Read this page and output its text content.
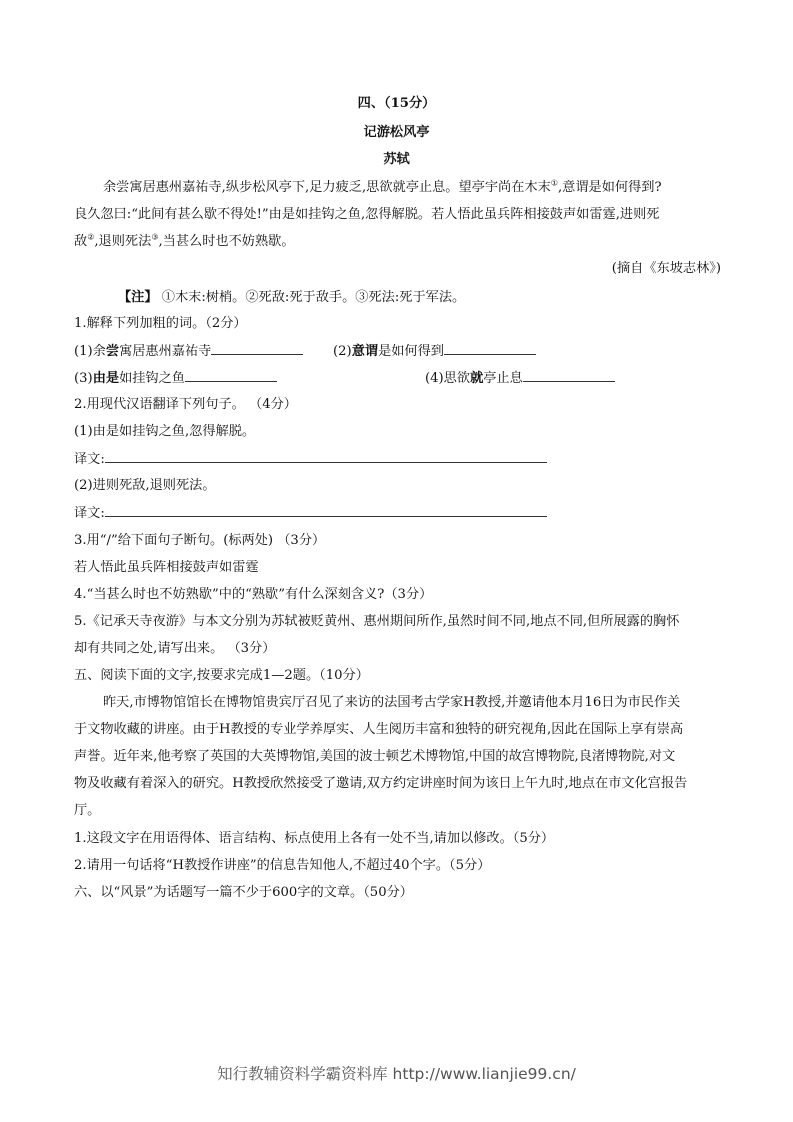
四、（15分）
记游松风亭
苏轼
余尝寓居惠州嘉祐寺,纵步松风亭下,足力疲乏,思欲就亭止息。望亭宇尚在木末①,意谓是如何得到?
良久忽曰:“此间有甚么歇不得处!”由是如挂钩之鱼,忽得解脱。若人悟此虽兵阵相接鼓声如雷霆,进则死
敌②,退则死法③,当甚么时也不妨熟歇。
(摘自《东坡志林》)
【注】 ①木末:树梢。②死敌:死于敌手。③死法:死于军法。
1.解释下列加粗的词。（2分）
(1)余尝寓居惠州嘉祐寺	(2)意谓是如何得到
(3)由是如挂钩之鱼	(4)思欲就亭止息
2.用现代汉语翻译下列句子。 （4分）
(1)由是如挂钩之鱼,忽得解脱。
译文:
(2)进则死敌,退则死法。
译文:
3.用“/”给下面句子断句。(标两处) （3分）
若人悟此虽兵阵相接鼓声如雷霆
4.“当甚么时也不妨熟歇”中的“熟歇”有什么深刻含义?（3分）
5.《记承天寺夜游》与本文分别为苏轼被贬黄州、惠州期间所作,虽然时间不同,地点不同,但所展露的胸怀
却有共同之处,请写出来。 （3分）
五、阅读下面的文字,按要求完成1—2题。（10分）
昨天,市博物馆馆长在博物馆贵宾厅召见了来访的法国考古学家H教授,并邀请他本月16日为市民作关
于文物收藏的讲座。由于H教授的专业学养厚实、人生阅历丰富和独特的研究视角,因此在国际上享有崇高
声誉。近年来,他考察了英国的大英博物馆,美国的波士顿艺术博物馆,中国的故宫博物院,良渚博物院,对文
物及收藏有着深入的研究。H教授欣然接受了邀请,双方约定讲座时间为该日上午九时,地点在市文化宫报告
厅。
1.这段文字在用语得体、语言结构、标点使用上各有一处不当,请加以修改。（5分）
2.请用一句话将“H教授作讲座”的信息告知他人,不超过40个字。（5分）
六、以“风景”为话题写一篇不少于600字的文章。（50分）
知行教辅资料学霸资料库 http://www.lianjie99.cn/
